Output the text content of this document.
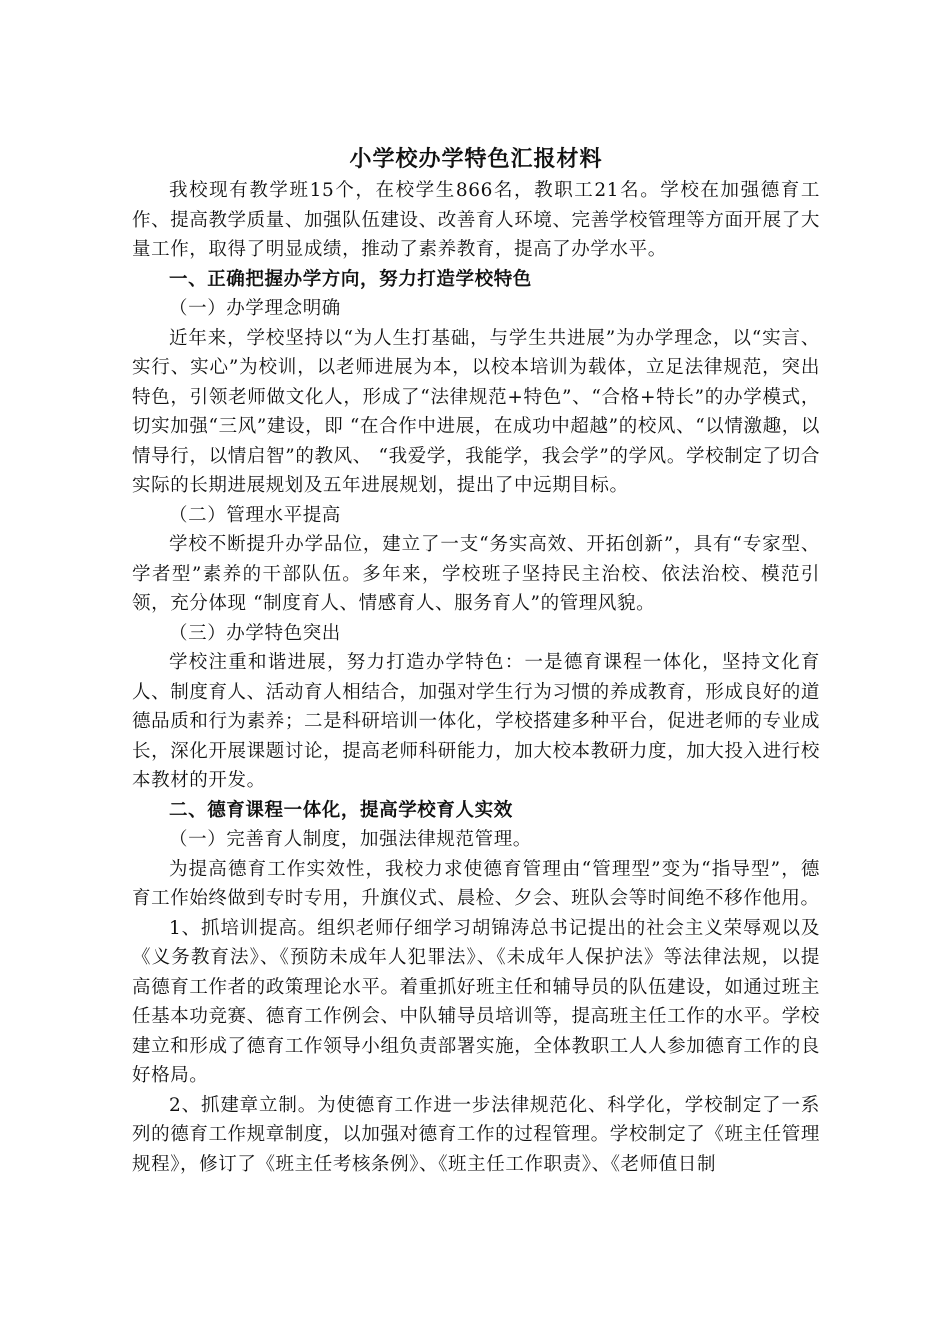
小学校办学特色汇报材料

我校现有教学班15个，在校学生866名，教职工21名。学校在加强德育工作、提高教学质量、加强队伍建设、改善育人环境、完善学校管理等方面开展了大量工作，取得了明显成绩，推动了素养教育，提高了办学水平。

一、正确把握办学方向，努力打造学校特色

（一）办学理念明确

近年来，学校坚持以“为人生打基础，与学生共进展”为办学理念，以“实言、实行、实心”为校训，以老师进展为本，以校本培训为载体，立足法律规范，突出特色，引领老师做文化人，形成了“法律规范+特色”、“合格+特长”的办学模式，切实加强“三风”建设，即 “在合作中进展，在成功中超越”的校风、“以情激趣，以情导行，以情启智”的教风、 “我爱学，我能学，我会学”的学风。学校制定了切合实际的长期进展规划及五年进展规划，提出了中远期目标。

（二）管理水平提高

学校不断提升办学品位，建立了一支“务实高效、开拓创新”，具有“专家型、学者型”素养的干部队伍。多年来，学校班子坚持民主治校、依法治校、模范引领，充分体现 “制度育人、情感育人、服务育人”的管理风貌。

（三）办学特色突出

学校注重和谐进展，努力打造办学特色：一是德育课程一体化，坚持文化育人、制度育人、活动育人相结合，加强对学生行为习惯的养成教育，形成良好的道德品质和行为素养；二是科研培训一体化，学校搭建多种平台，促进老师的专业成长，深化开展课题讨论，提高老师科研能力，加大校本教研力度，加大投入进行校本教材的开发。

二、德育课程一体化，提高学校育人实效

（一）完善育人制度，加强法律规范管理。

为提高德育工作实效性，我校力求使德育管理由“管理型”变为“指导型”，德育工作始终做到专时专用，升旗仪式、晨检、夕会、班队会等时间绝不移作他用。

1、抓培训提高。组织老师仔细学习胡锦涛总书记提出的社会主义荣辱观以及《义务教育法》、《预防未成年人犯罪法》、《未成年人保护法》等法律法规，以提高德育工作者的政策理论水平。着重抓好班主任和辅导员的队伍建设，如通过班主任基本功竞赛、德育工作例会、中队辅导员培训等，提高班主任工作的水平。学校建立和形成了德育工作领导小组负责部署实施，全体教职工人人参加德育工作的良好格局。

2、抓建章立制。为使德育工作进一步法律规范化、科学化，学校制定了一系列的德育工作规章制度，以加强对德育工作的过程管理。学校制定了《班主任管理规程》，修订了《班主任考核条例》、《班主任工作职责》、《老师值日制
